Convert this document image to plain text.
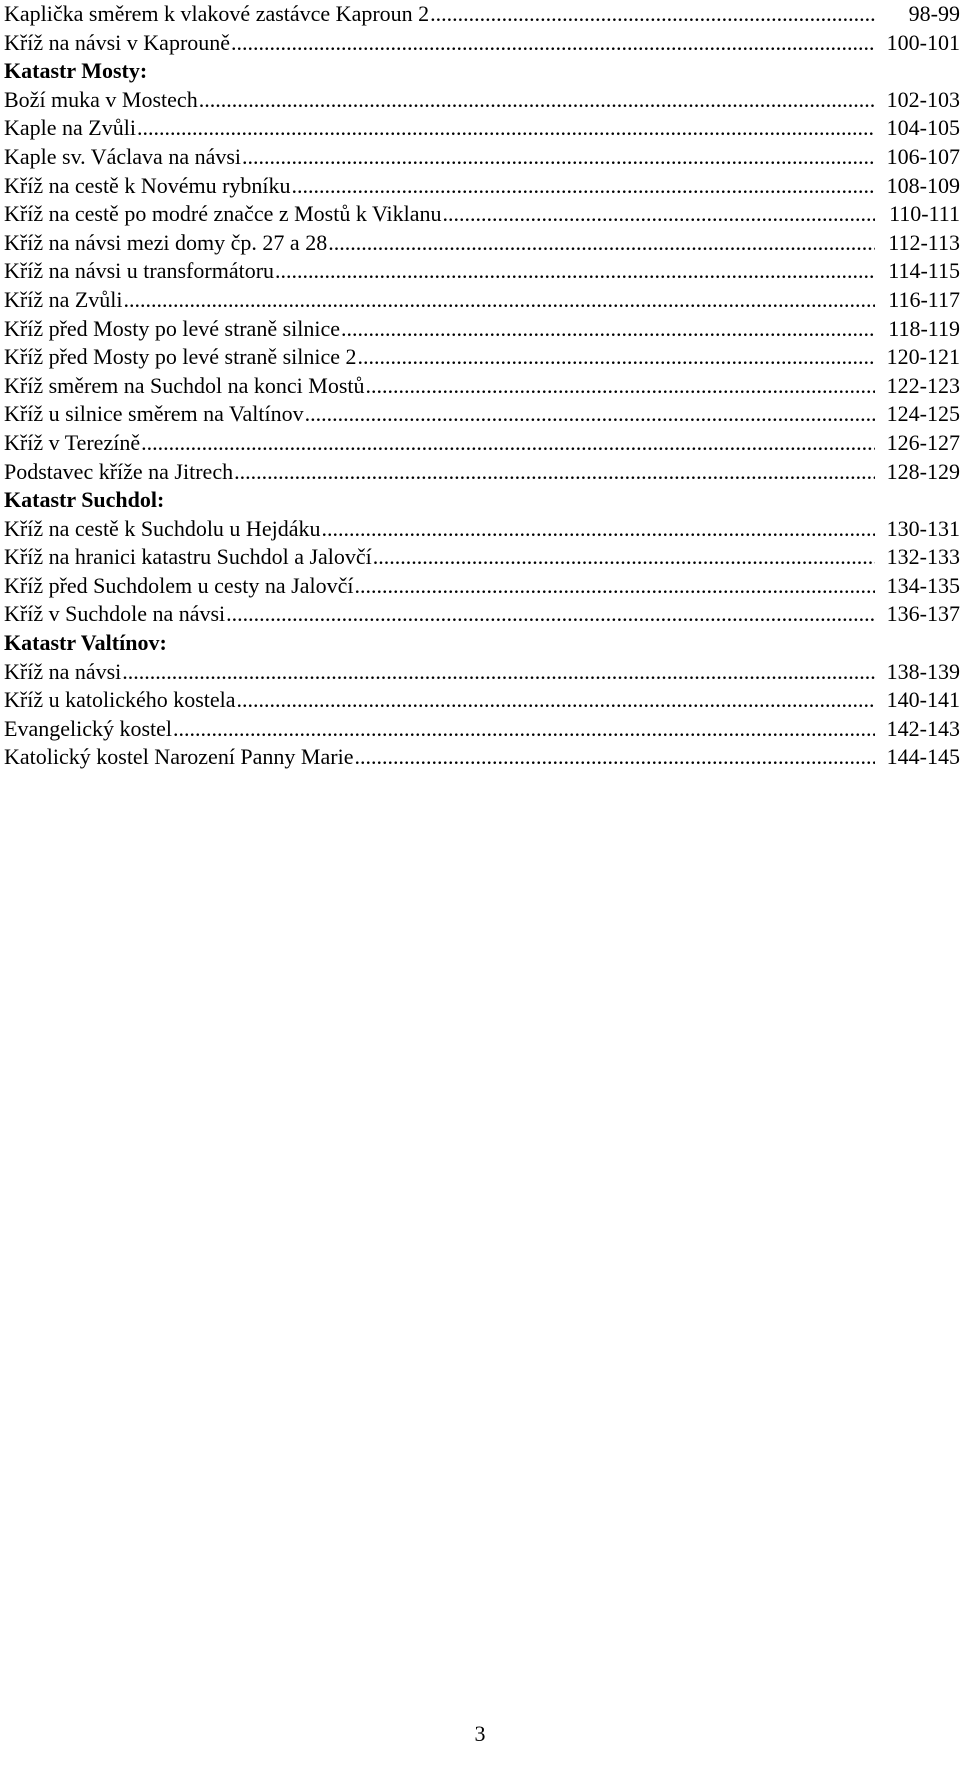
Kaplička směrem k vlakové zastávce Kaproun 2 .....	98-99
Kříž na návsi v Kaprouně .....	100-101
Katastr Mosty:
Boží muka v Mostech .....	102-103
Kaple na Zvůli .....	104-105
Kaple sv. Václava na návsi .....	106-107
Kříž na cestě k Novému rybníku .....	108-109
Kříž na cestě po modré značce z Mostů k Viklanu .....	110-111
Kříž na návsi mezi domy čp. 27 a 28 .....	112-113
Kříž na návsi u transformátoru .....	114-115
Kříž na Zvůli .....	116-117
Kříž před Mosty po levé straně silnice .....	118-119
Kříž před Mosty po levé straně silnice 2 .....	120-121
Kříž směrem na Suchdol na konci Mostů .....	122-123
Kříž u silnice směrem na Valtínov .....	124-125
Kříž v Terezíně .....	126-127
Podstavec kříže na Jitrech .....	128-129
Katastr Suchdol:
Kříž na cestě k Suchdolu u Hejdáku .....	130-131
Kříž na hranici katastru Suchdol a Jalovčí .....	132-133
Kříž před Suchdolem u cesty na Jalovčí .....	134-135
Kříž v Suchdole na návsi .....	136-137
Katastr Valtínov:
Kříž na návsi .....	138-139
Kříž u katolického kostela .....	140-141
Evangelický kostel .....	142-143
Katolický kostel Narození Panny Marie .....	144-145
3
